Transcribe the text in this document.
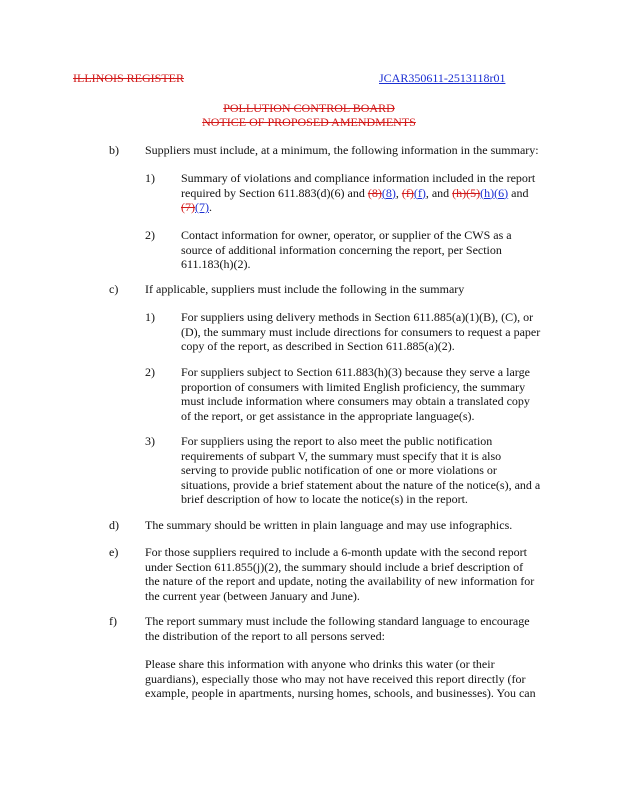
ILLINOIS REGISTER	JCAR350611-2513118r01
POLLUTION CONTROL BOARD
NOTICE OF PROPOSED AMENDMENTS
b) Suppliers must include, at a minimum, the following information in the summary:
1) Summary of violations and compliance information included in the report
required by Section 611.883(d)(6) and (8)(8), (f)(f), and (h)(5)(h)(6) and
(7)(7).
2) Contact information for owner, operator, or supplier of the CWS as a
source of additional information concerning the report, per Section
611.183(h)(2).
c) If applicable, suppliers must include the following in the summary
1) For suppliers using delivery methods in Section 611.885(a)(1)(B), (C), or
(D), the summary must include directions for consumers to request a paper
copy of the report, as described in Section 611.885(a)(2).
2) For suppliers subject to Section 611.883(h)(3) because they serve a large
proportion of consumers with limited English proficiency, the summary
must include information where consumers may obtain a translated copy
of the report, or get assistance in the appropriate language(s).
3) For suppliers using the report to also meet the public notification
requirements of subpart V, the summary must specify that it is also
serving to provide public notification of one or more violations or
situations, provide a brief statement about the nature of the notice(s), and a
brief description of how to locate the notice(s) in the report.
d) The summary should be written in plain language and may use infographics.
e) For those suppliers required to include a 6-month update with the second report
under Section 611.855(j)(2), the summary should include a brief description of
the nature of the report and update, noting the availability of new information for
the current year (between January and June).
f) The report summary must include the following standard language to encourage
the distribution of the report to all persons served:
Please share this information with anyone who drinks this water (or their
guardians), especially those who may not have received this report directly (for
example, people in apartments, nursing homes, schools, and businesses). You can
